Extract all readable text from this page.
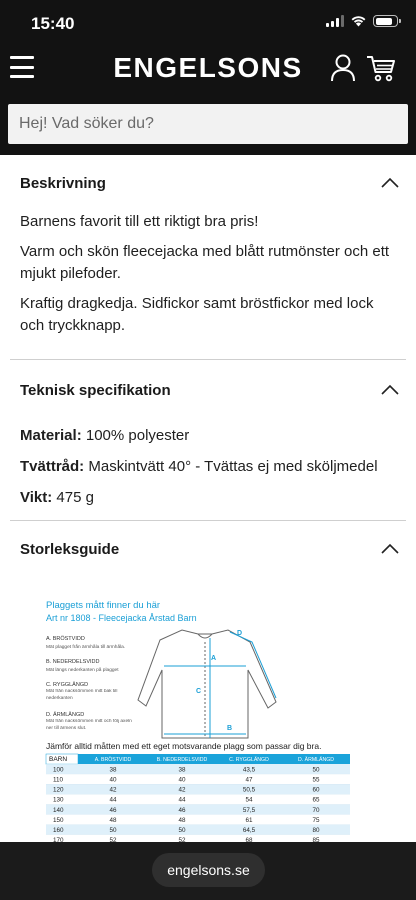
15:40
ENGELSONS
Hej! Vad söker du?
Beskrivning

Barnens favorit till ett riktigt bra pris!

Varm och skön fleecejacka med blått rutmönster och ett mjukt pilefoder.

Kraftig dragkedja. Sidfickor samt bröstfickor med lock och tryckknapp.

Teknisk specifikation
Material: 100% polyester
Tvättråd: Maskintvätt 40° - Tvättas ej med sköljmedel
Vikt: 475 g
Storleksguide
Plaggets mått finner du här
Art nr 1808 - Fleecejacka Årstad Barn
A. BRÖSTVIDD
Mät plagget från ärmhåla till ärmhåla.
B. NEDERDELSVIDD
Mät längs nederkanten på plagget
C. RYGGLÄNGD
Mät från nacksömmen mitt bak till nederkanten
D. ÄRMLÄNGD
Mät från nacksömmen mitt och följ axeln ner till ärmens slut.
A
B
C
D
Jämför alltid måtten med ett eget motsvarande plagg som passar dig bra.
BARN	A. BRÖSTVIDD	B. NEDERDELSVIDD	C. RYGGLÄNGD	D. ÄRMLÄNGD
100	38	38	43,5	50
110	40	40	47	55
120	42	42	50,5	60
130	44	44	54	65
140	46	46	57,5	70
150	48	48	61	75
160	50	50	64,5	80
170	52	52	68	85
engelsons.se
